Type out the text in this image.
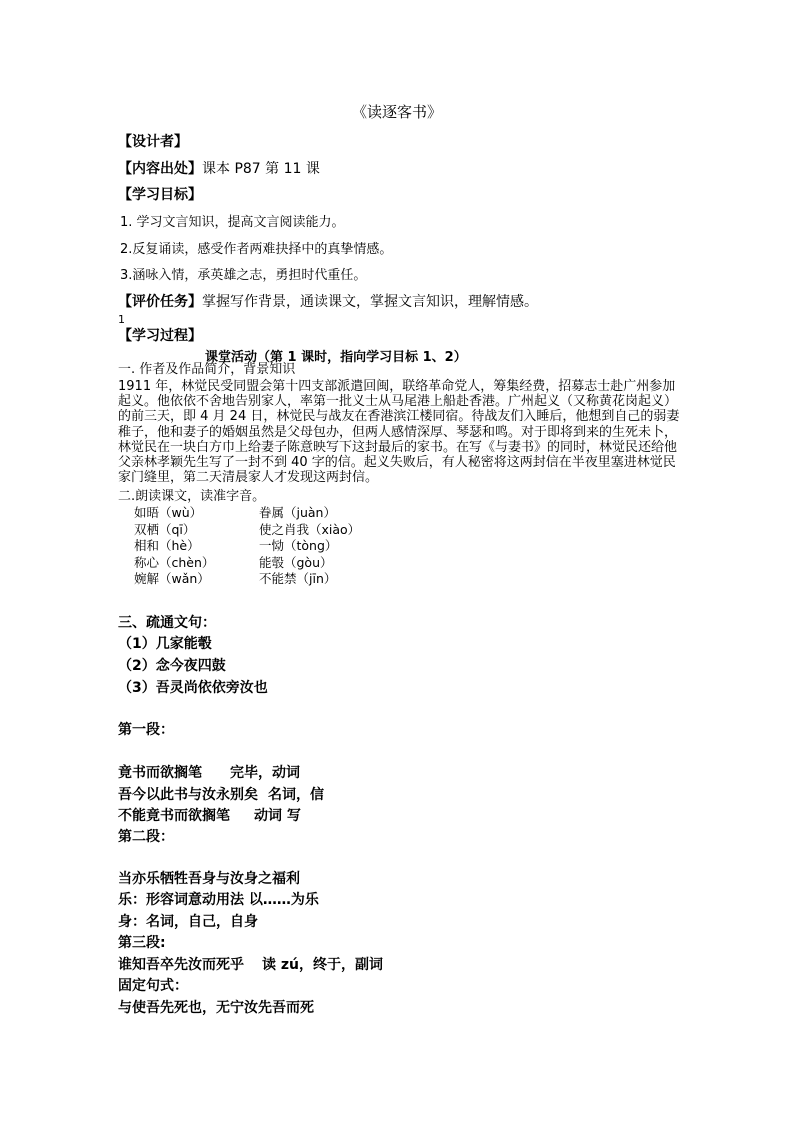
《读逐客书》

【设计者】

【内容出处】课本 P87 第 11 课

【学习目标】

1. 学习文言知识，提高文言阅读能力。

2.反复诵读，感受作者两难抉择中的真挚情感。

3.涵咏入情，承英雄之志，勇担时代重任。

【评价任务】掌握写作背景，通读课文，掌握文言知识，理解情感。

1

【学习过程】

课堂活动（第 1 课时，指向学习目标 1、2）

一. 作者及作品简介，背景知识

1911 年，林觉民受同盟会第十四支部派遣回闽，联络革命党人，筹集经费，招募志士赴广州参加起义。他依依不舍地告别家人，率第一批义士从马尾港上船赴香港。广州起义（又称黄花岗起义）的前三天，即 4 月 24 日，林觉民与战友在香港滨江楼同宿。待战友们入睡后，他想到自己的弱妻稚子，他和妻子的婚姻虽然是父母包办，但两人感情深厚、琴瑟和鸣。对于即将到来的生死未卜，林觉民在一块白方巾上给妻子陈意映写下这封最后的家书。在写《与妻书》的同时，林觉民还给他父亲林孝颖先生写了一封不到 40 字的信。起义失败后，有人秘密将这两封信在半夜里塞进林觉民家门缝里，第二天清晨家人才发现这两封信。

二.朗读课文，读准字音。

如晤（wù）
双栖（qī）
相和（hè）
称心（chèn）
婉解（wǎn）
眷属（juàn）
使之肖我（xiào）
一恸（tòng）
能彀（gòu）
不能禁（jīn）

三、疏通文句：

（1）几家能彀

（2）念今夜四鼓

（3）吾灵尚依依旁汝也

第一段：

竟书而欲搁笔 完毕，动词

吾今以此书与汝永别矣 名词，信

不能竟书而欲搁笔 动词 写

第二段：

当亦乐牺牲吾身与汝身之福利

乐：形容词意动用法 以……为乐

身：名词，自己，自身

第三段:

谁知吾卒先汝而死乎 读 zú，终于，副词

固定句式：

与使吾先死也，无宁汝先吾而死
